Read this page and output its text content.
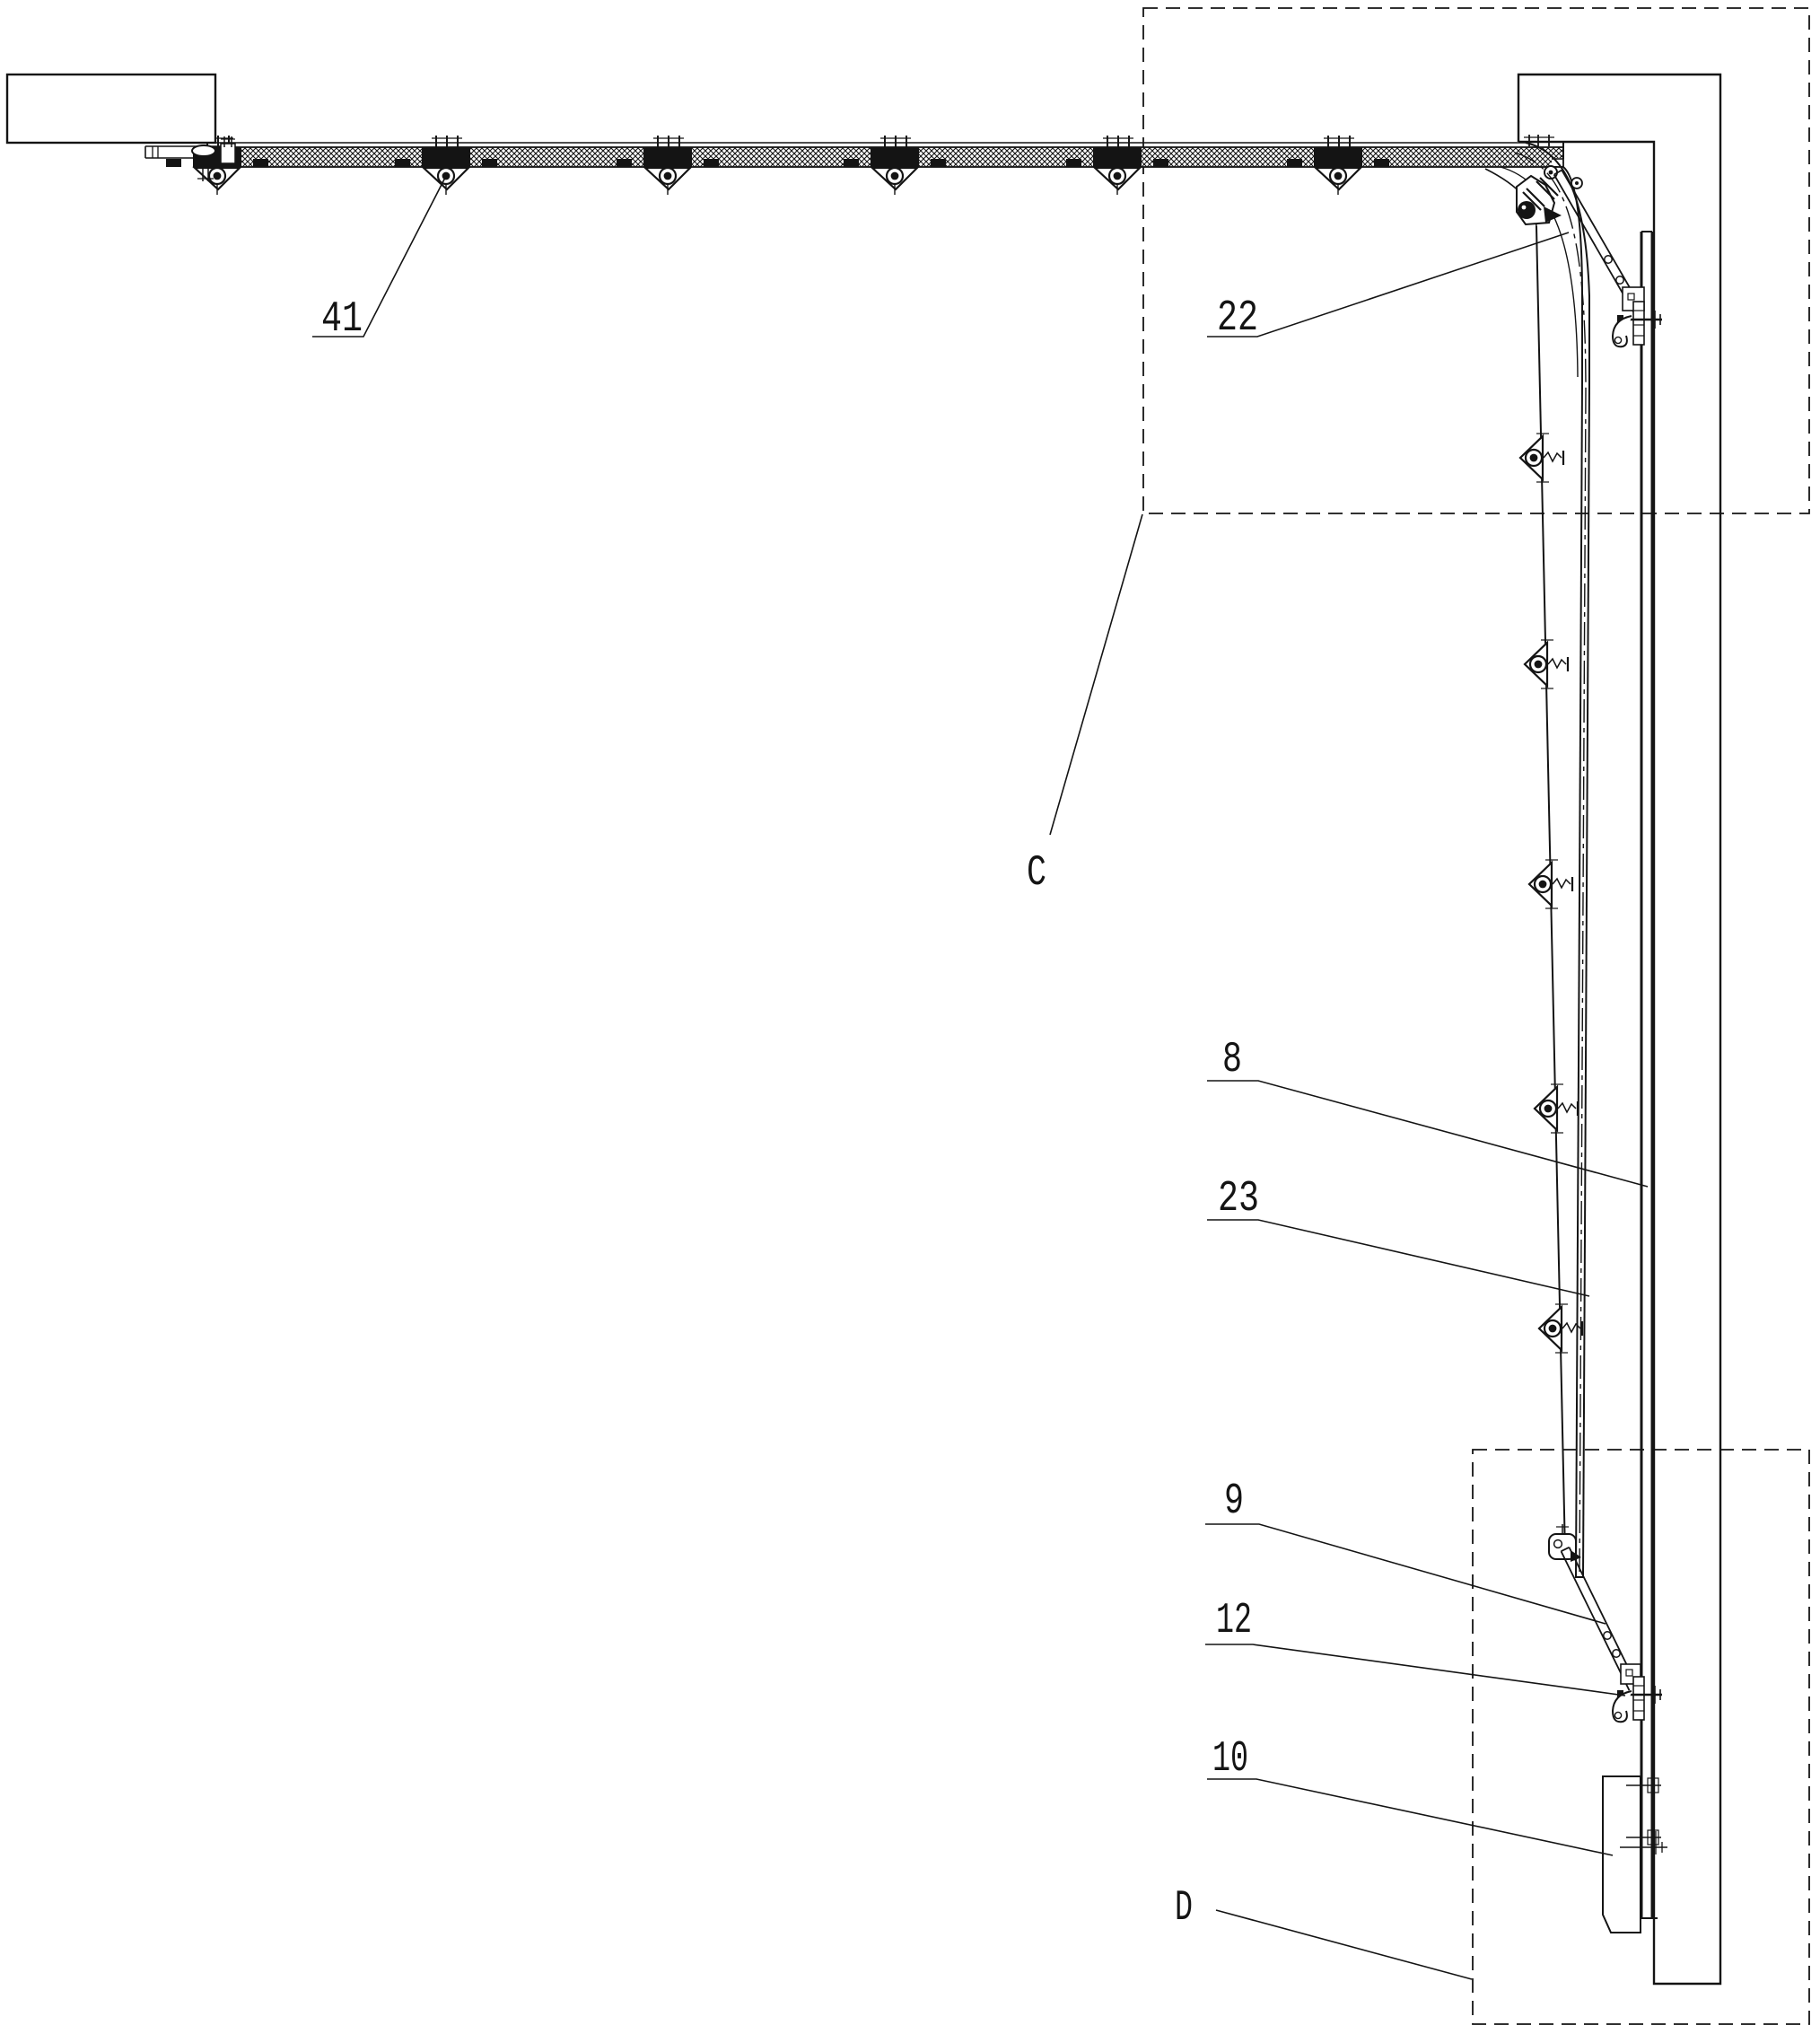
41	22
C
8
23
9
12
10
D
